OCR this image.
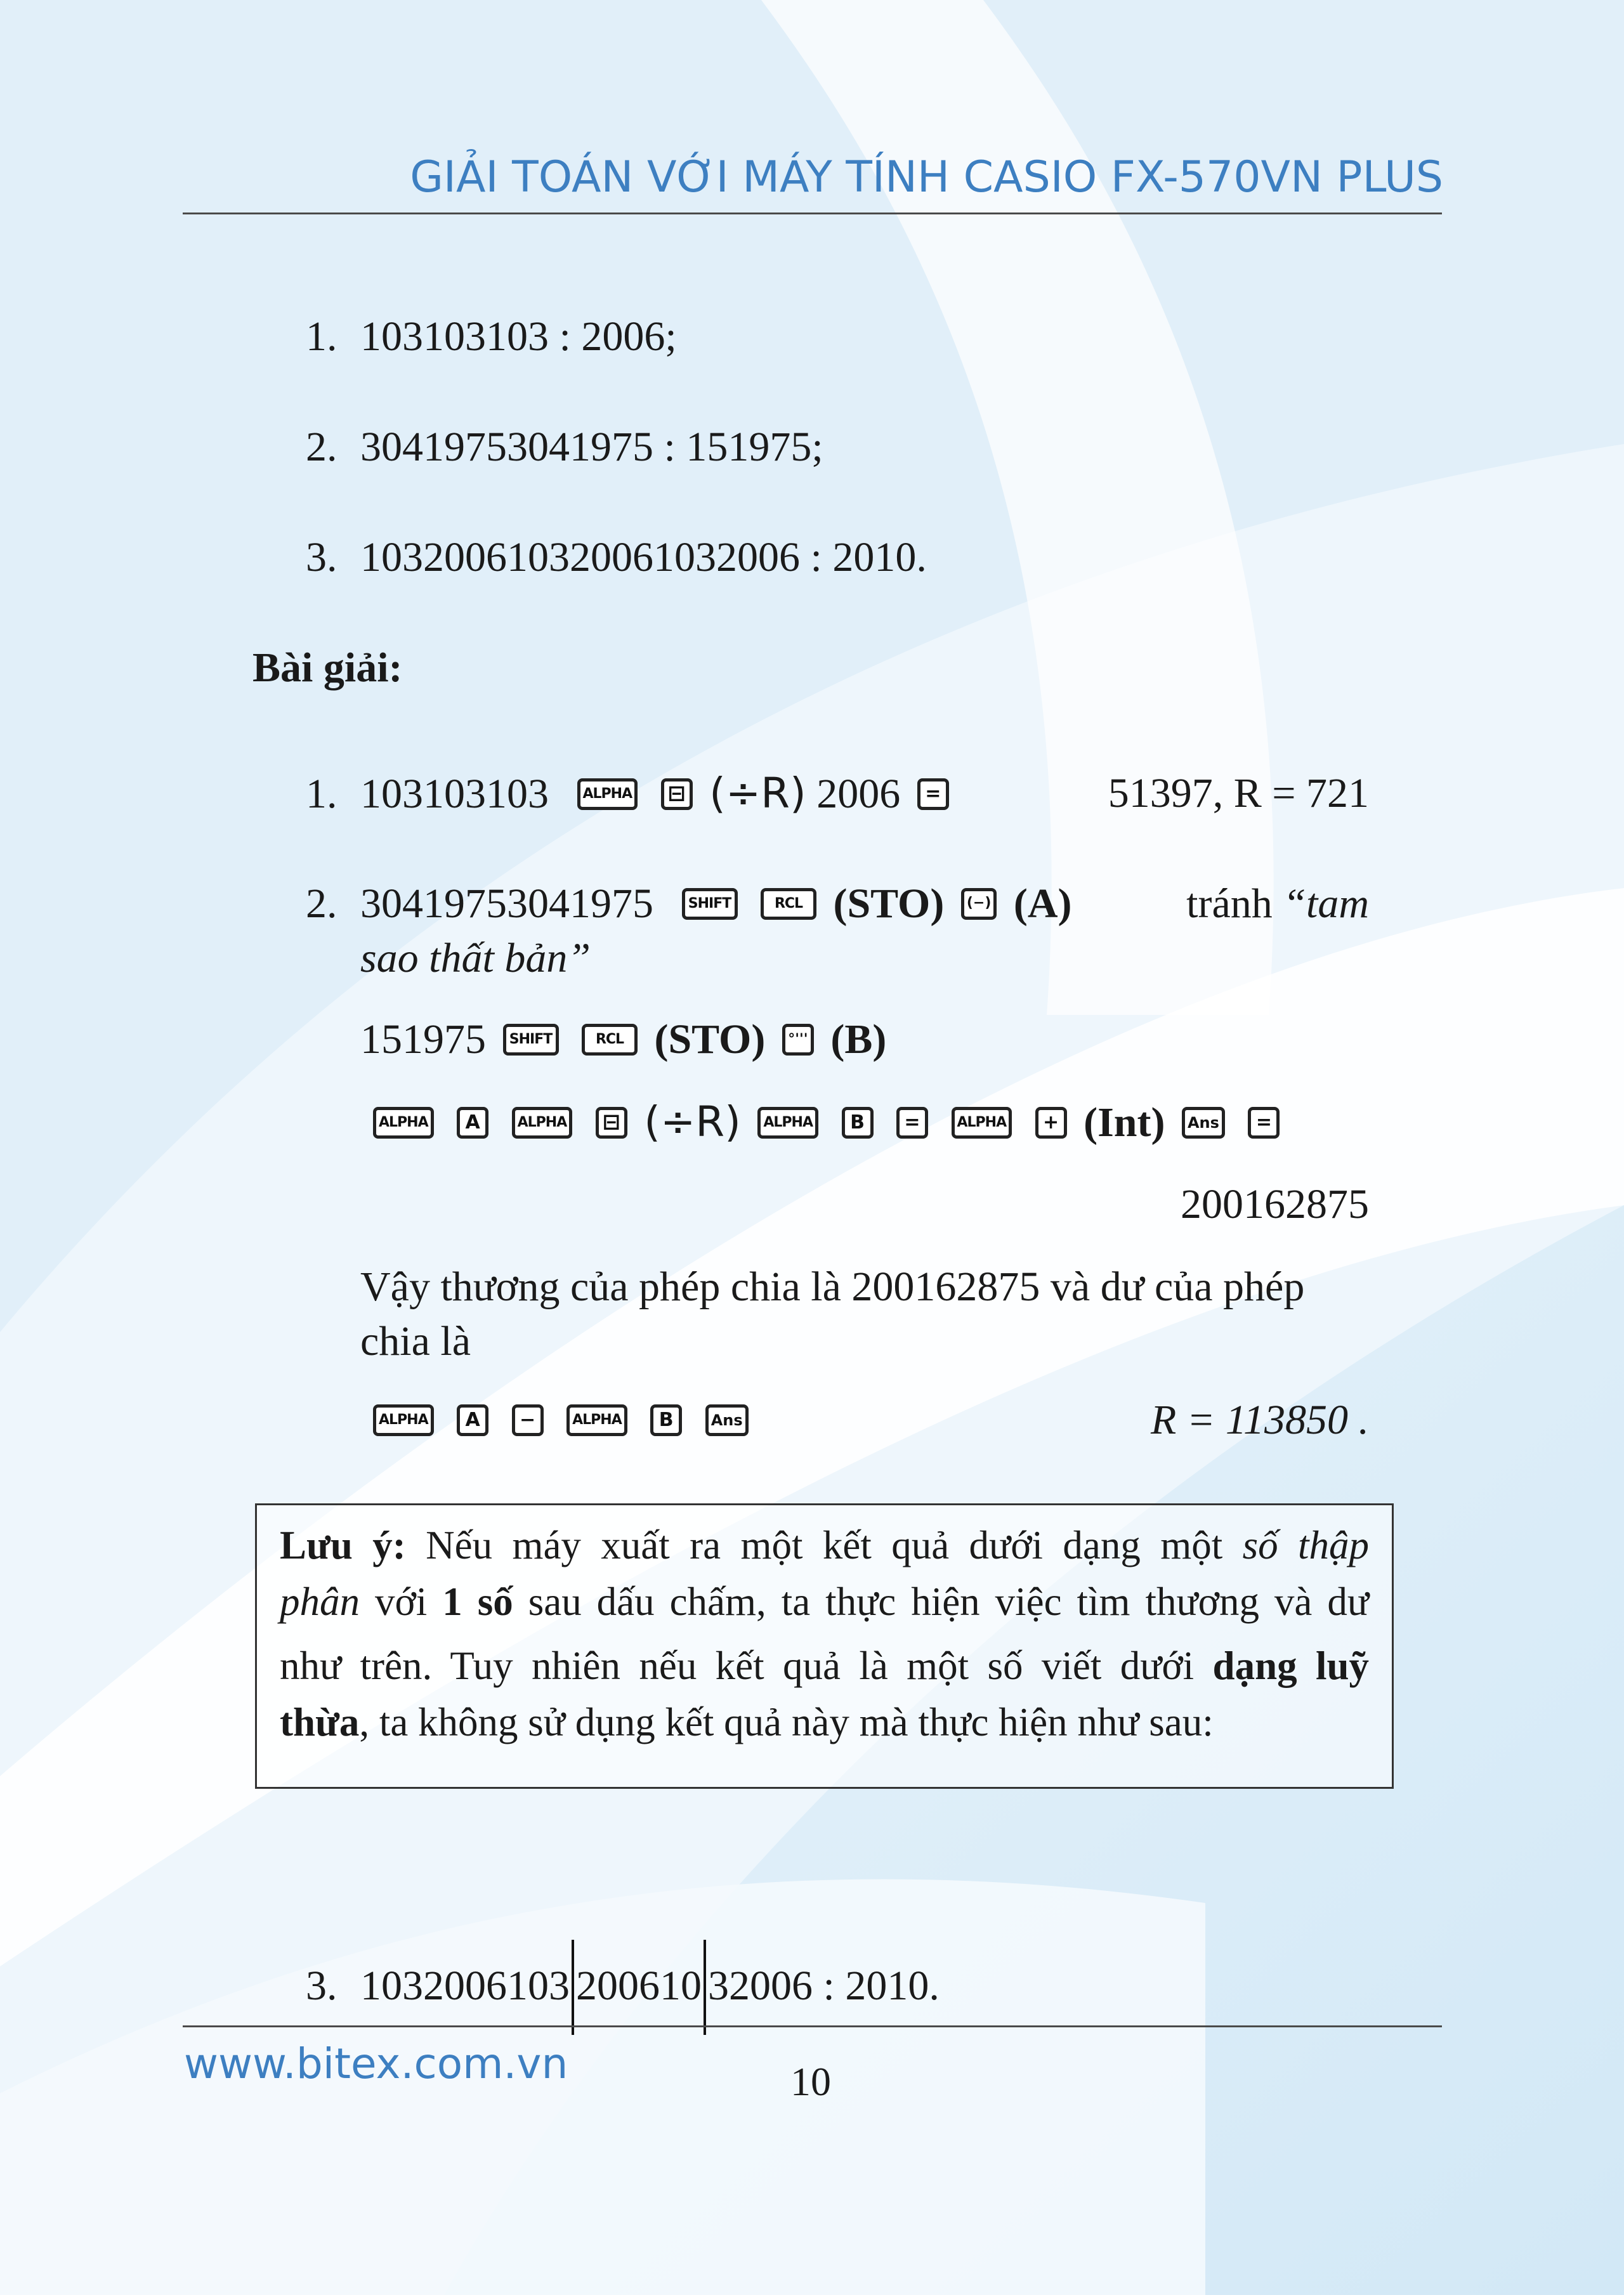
GIẢI TOÁN VỚI MÁY TÍNH CASIO FX-570VN PLUS
1. 103103103 : 2006;
2. 30419753041975 : 151975;
3. 103200610320061032006 : 2010.
Bài giải:
1. 103103103 ALPHA ⊟ (÷R) 2006 =	51397, R = 721
2. 30419753041975 SHIFT	RCL (STO) (−) (A)	tránh “tam
sao thất bản”
151975 SHIFT	RCL (STO) °''' (B)
ALPHA A	ALPHA ⊟ (÷R) ALPHA B =	ALPHA + (Int) Ans =
200162875
Vậy thương của phép chia là 200162875 và dư của phép
chia là
ALPHA A −	ALPHA B Ans	R = 113850 .

Lưu ý: Nếu máy xuất ra một kết quả dưới dạng một số thập
phân với 1 số sau dấu chấm, ta thực hiện việc tìm thương và dư
như trên. Tuy nhiên nếu kết quả là một số viết dưới dạng luỹ
thừa, ta không sử dụng kết quả này mà thực hiện như sau:

3. 1032006103 200610 32006 : 2010.
www.bitex.com.vn	10
